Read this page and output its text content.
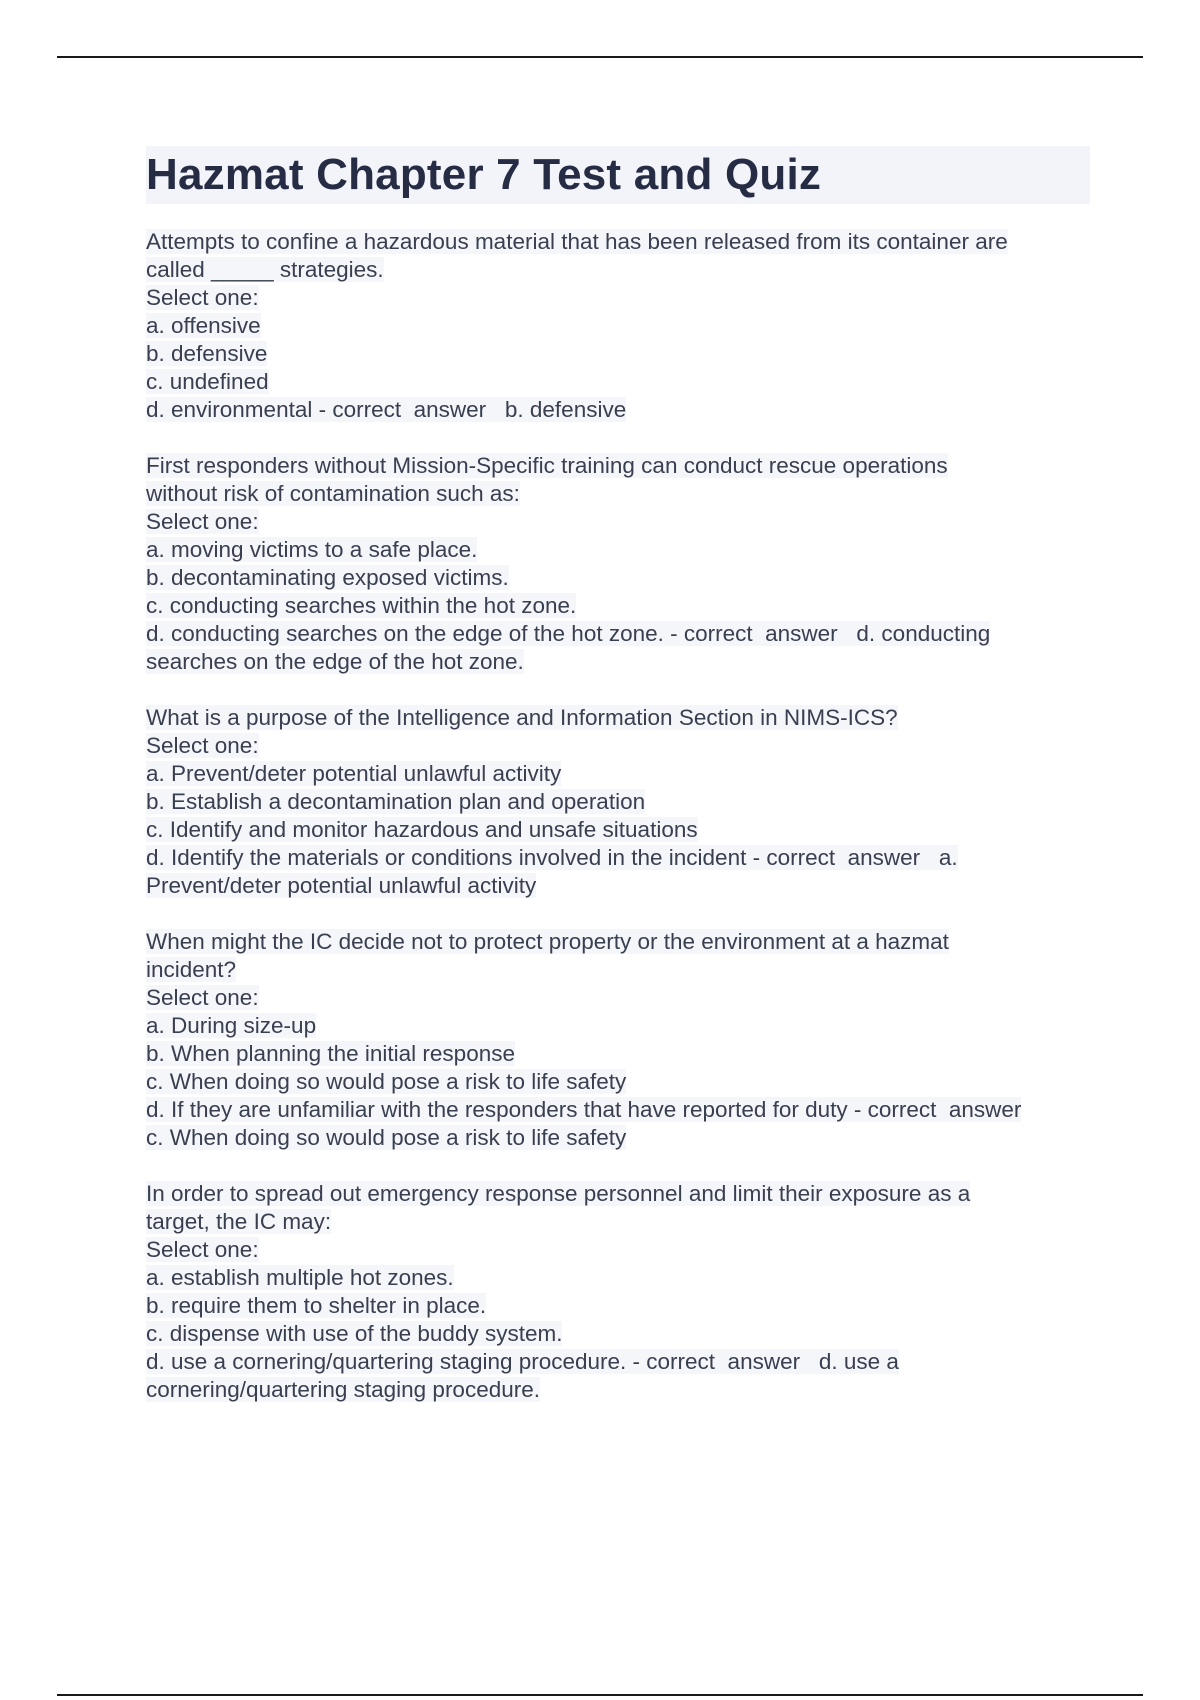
Hazmat Chapter 7 Test and Quiz
Attempts to confine a hazardous material that has been released from its container are
called _____ strategies.
Select one:
a. offensive
b. defensive
c. undefined
d. environmental - correct  answer   b. defensive
First responders without Mission-Specific training can conduct rescue operations
without risk of contamination such as:
Select one:
a. moving victims to a safe place.
b. decontaminating exposed victims.
c. conducting searches within the hot zone.
d. conducting searches on the edge of the hot zone. - correct  answer   d. conducting
searches on the edge of the hot zone.
What is a purpose of the Intelligence and Information Section in NIMS-ICS?
Select one:
a. Prevent/deter potential unlawful activity
b. Establish a decontamination plan and operation
c. Identify and monitor hazardous and unsafe situations
d. Identify the materials or conditions involved in the incident - correct  answer   a.
Prevent/deter potential unlawful activity
When might the IC decide not to protect property or the environment at a hazmat
incident?
Select one:
a. During size-up
b. When planning the initial response
c. When doing so would pose a risk to life safety
d. If they are unfamiliar with the responders that have reported for duty - correct  answer
c. When doing so would pose a risk to life safety
In order to spread out emergency response personnel and limit their exposure as a
target, the IC may:
Select one:
a. establish multiple hot zones.
b. require them to shelter in place.
c. dispense with use of the buddy system.
d. use a cornering/quartering staging procedure. - correct  answer   d. use a
cornering/quartering staging procedure.
